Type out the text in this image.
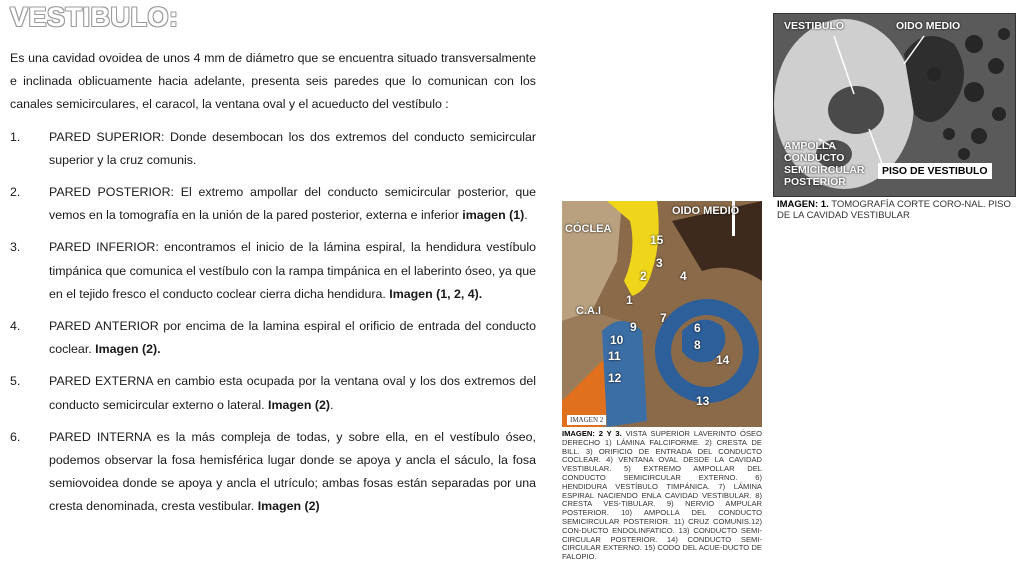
VESTIBULO:

Es una cavidad ovoidea de unos 4 mm de diámetro que se encuentra situado transversalmente e inclinada oblicuamente hacia adelante, presenta seis paredes que lo comunican con los canales semicirculares, el caracol, la ventana oval y el acueducto del vestíbulo :

1. PARED SUPERIOR: Donde desembocan los dos extremos del conducto semicircular superior y la cruz comunis.
2. PARED POSTERIOR: El extremo ampollar del conducto semicircular posterior, que vemos en la tomografía en la unión de la pared posterior, externa e inferior imagen (1).
3. PARED INFERIOR: encontramos el inicio de la lámina espiral, la hendidura vestíbulo timpánica que comunica el vestíbulo con la rampa timpánica en el laberinto óseo, ya que en el tejido fresco el conducto coclear cierra dicha hendidura. Imagen (1, 2, 4).
4. PARED ANTERIOR por encima de la lamina espiral el orificio de entrada del conducto coclear. Imagen (2).
5. PARED EXTERNA en cambio esta ocupada por la ventana oval y los dos extremos del conducto semicircular externo o lateral. Imagen (2).
6. PARED INTERNA es la más compleja de todas, y sobre ella, en el vestíbulo óseo, podemos observar la fosa hemisférica lugar donde se apoya y ancla el sáculo, la fosa semiovoidea donde se apoya y ancla el utrículo; ambas fosas están separadas por una cresta denominada, cresta vestibular. Imagen (2)
VESTIBULO	OIDO MEDIO
AMPOLLA
CONDUCTO
SEMICIRCULAR
POSTERIOR
PISO DE VESTIBULO
IMAGEN: 1. TOMOGRAFÍA CORTE CORO-NAL. PISO DE LA CAVIDAD VESTIBULAR
CÓCLEA
OIDO MEDIO
C.A.I
15
3
2	4
1
7
6
9
8
10
14
11
12
13
IMAGEN 2
IMAGEN: 2 Y 3. VISTA SUPERIOR LAVERINTO ÓSEO DERECHO 1) LÁMINA FALCIFORME. 2) CRESTA DE BILL. 3) ORIFICIO DE ENTRADA DEL CONDUCTO COCLEAR. 4) VENTANA OVAL DESDE LA CAVIDAD VESTIBULAR. 5) EXTREMO AMPOLLAR DEL CONDUCTO SEMICIRCULAR EXTERNO. 6) HENDIDURA VESTÍBULO TIMPÁNICA. 7) LÁMINA ESPIRAL NACIENDO ENLA CAVIDAD VESTIBULAR. 8) CRESTA VES-TIBULAR. 9) NERVIO AMPULAR POSTERIOR. 10) AMPOLLA DEL CONDUCTO SEMICIRCULAR POSTERIOR. 11) CRUZ COMUNIS.12) CON-DUCTO ENDOLINFATICO. 13) CONDUCTO SEMI-CIRCULAR POSTERIOR. 14) CONDUCTO SEMI-CIRCULAR EXTERNO. 15) CODO DEL ACUE-DUCTO DE FALOPIO.
